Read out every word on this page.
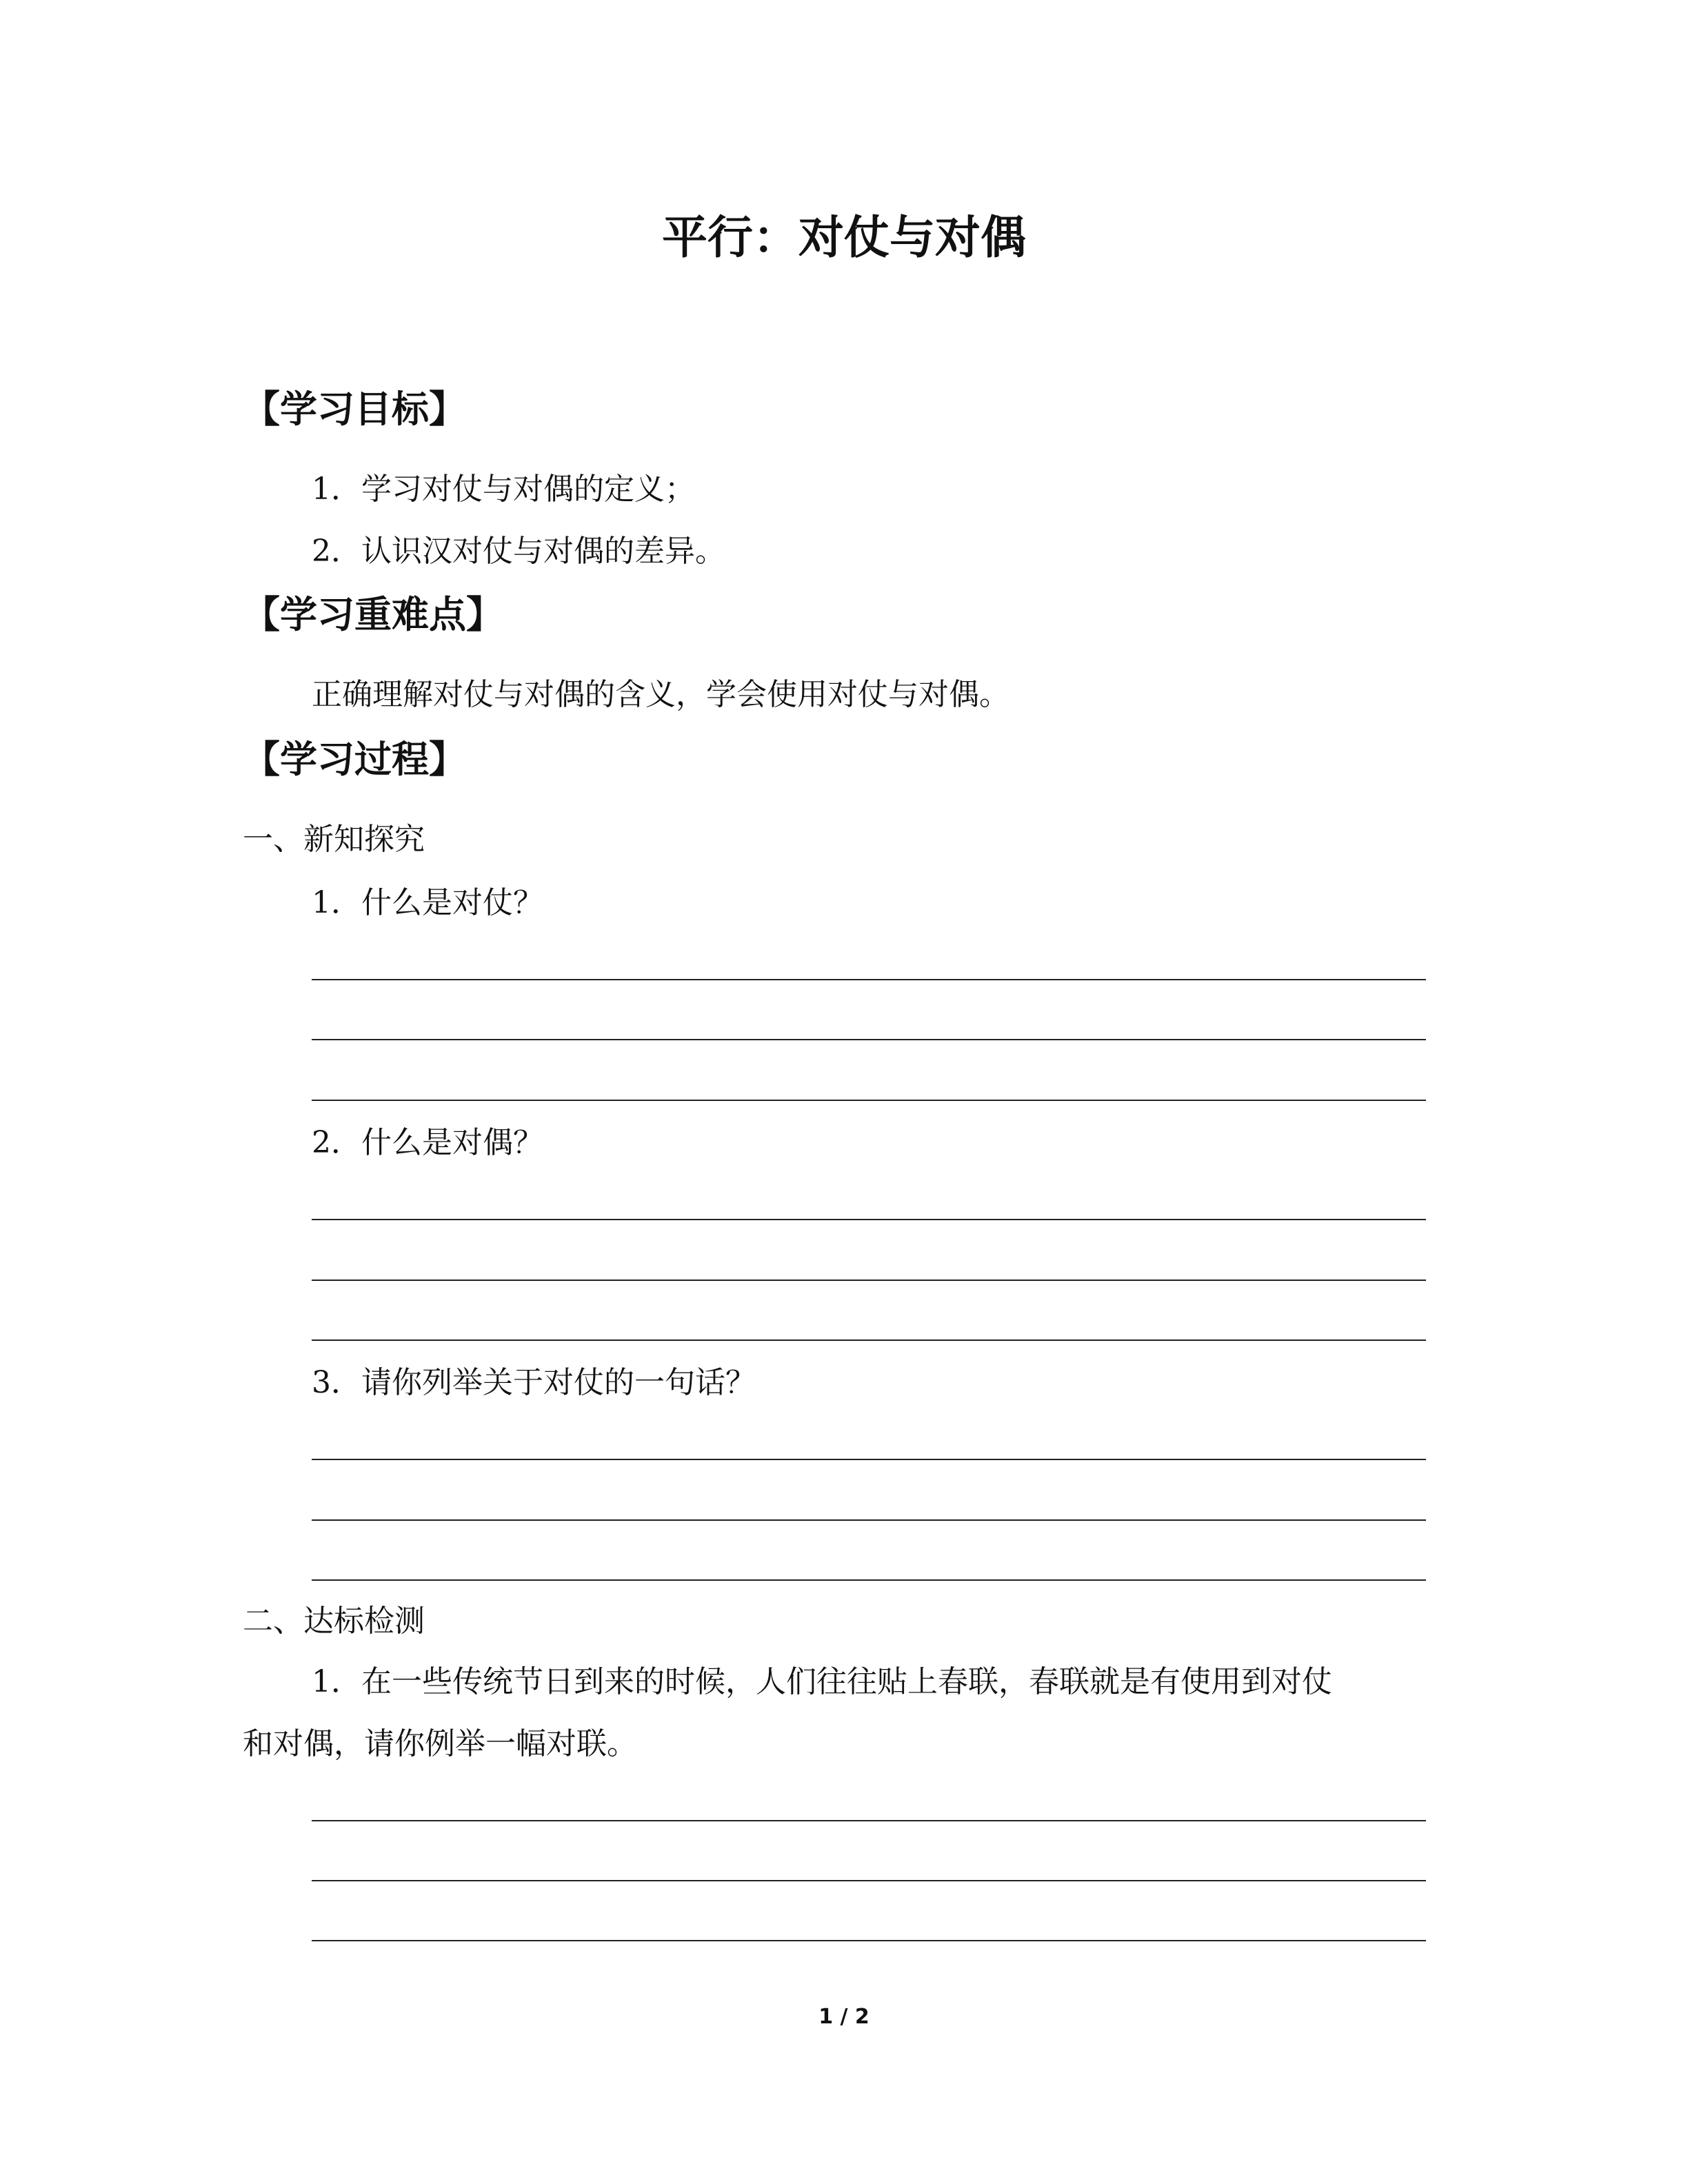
平行：对仗与对偶
【学习目标】
1．学习对仗与对偶的定义；
2．认识汉对仗与对偶的差异。
【学习重难点】
正确理解对仗与对偶的含义，学会使用对仗与对偶。
【学习过程】
一、新知探究
1．什么是对仗？
2．什么是对偶？
3．请你列举关于对仗的一句话？
二、达标检测
1．在一些传统节日到来的时候，人们往往贴上春联，春联就是有使用到对仗
和对偶，请你例举一幅对联。
1 / 2
